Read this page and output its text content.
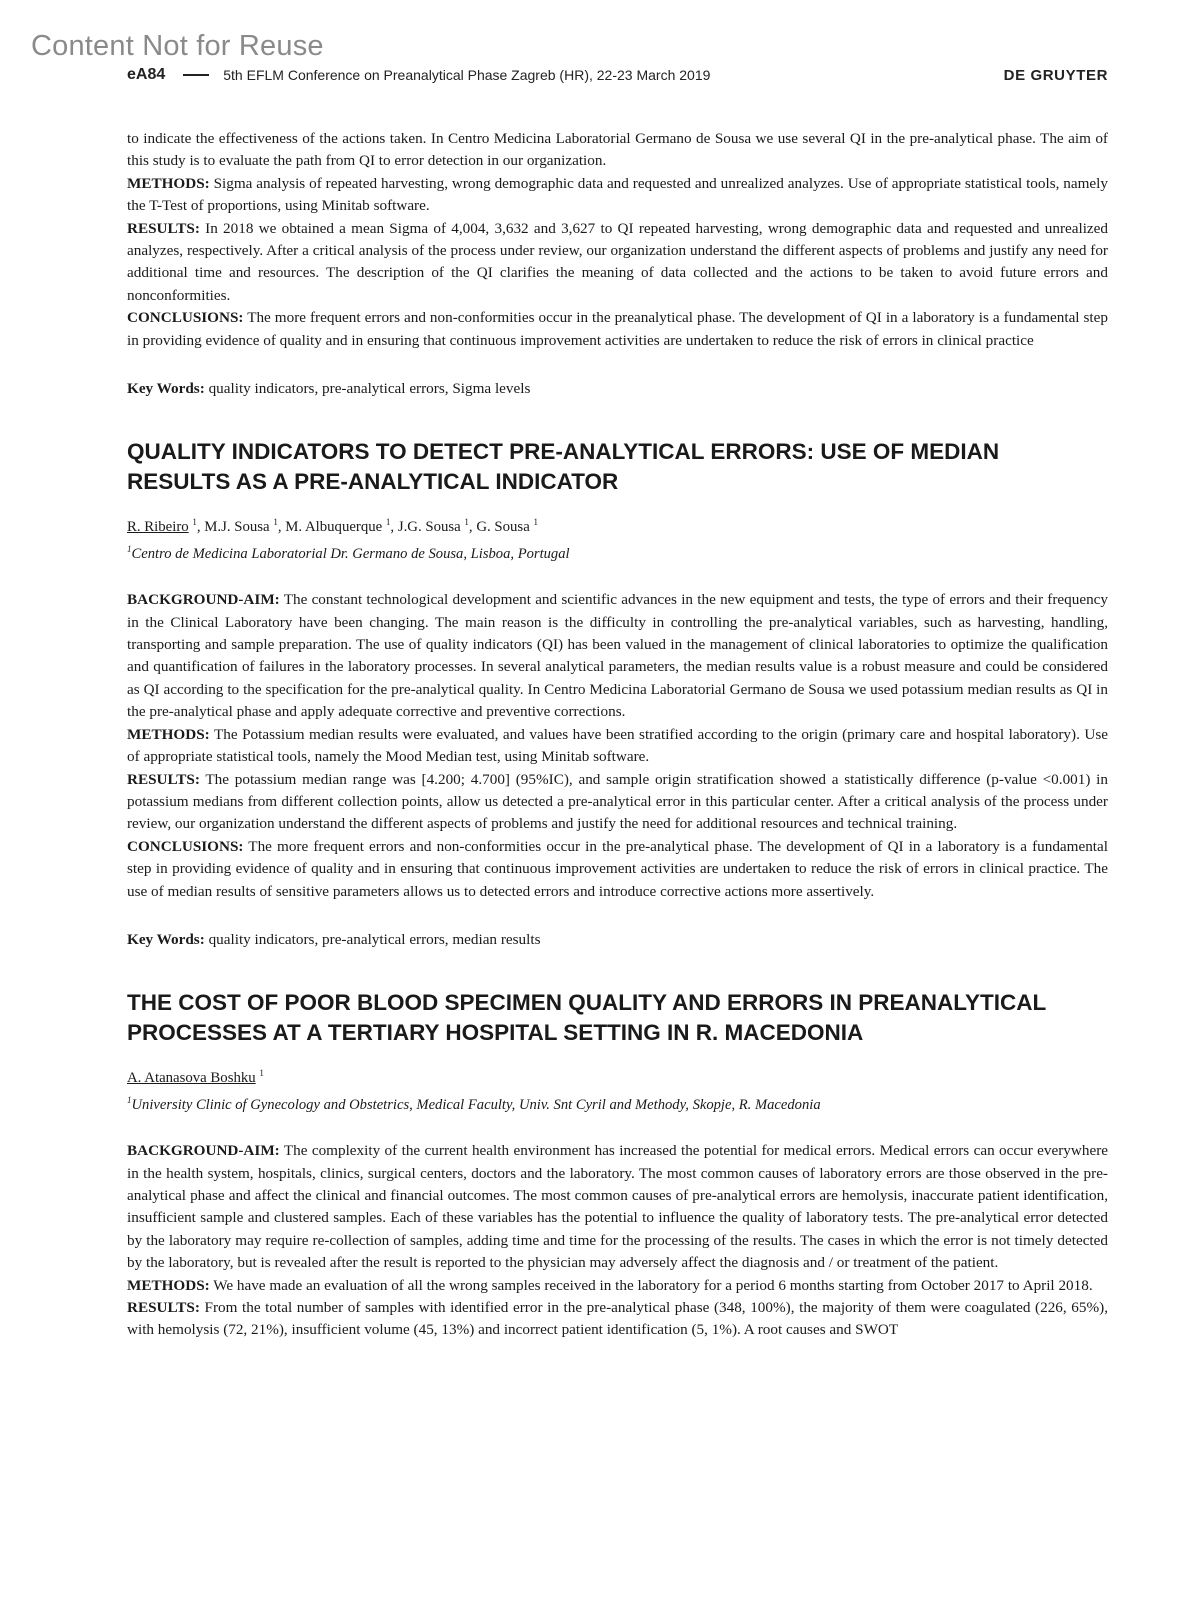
Content Not for Reuse
eA84	5th EFLM Conference on Preanalytical Phase Zagreb (HR), 22-23 March 2019	DE GRUYTER

to indicate the effectiveness of the actions taken. In Centro Medicina Laboratorial Germano de Sousa we use several QI in the pre-analytical phase. The aim of this study is to evaluate the path from QI to error detection in our organization.

METHODS: Sigma analysis of repeated harvesting, wrong demographic data and requested and unrealized analyzes. Use of appropriate statistical tools, namely the T-Test of proportions, using Minitab software.

RESULTS: In 2018 we obtained a mean Sigma of 4,004, 3,632 and 3,627 to QI repeated harvesting, wrong demographic data and requested and unrealized analyzes, respectively. After a critical analysis of the process under review, our organization understand the different aspects of problems and justify any need for additional time and resources. The description of the QI clarifies the meaning of data collected and the actions to be taken to avoid future errors and nonconformities.

CONCLUSIONS: The more frequent errors and non-conformities occur in the preanalytical phase. The development of QI in a laboratory is a fundamental step in providing evidence of quality and in ensuring that continuous improvement activities are undertaken to reduce the risk of errors in clinical practice

Key Words: quality indicators, pre-analytical errors, Sigma levels

QUALITY INDICATORS TO DETECT PRE-ANALYTICAL ERRORS: USE OF MEDIAN RESULTS AS A PRE-ANALYTICAL INDICATOR
R. Ribeiro $^1$, M.J. Sousa $^1$, M. Albuquerque $^1$, J.G. Sousa $^1$, G. Sousa $^1$
$^1$Centro de Medicina Laboratorial Dr. Germano de Sousa, Lisboa, Portugal

BACKGROUND-AIM: The constant technological development and scientific advances in the new equipment and tests, the type of errors and their frequency in the Clinical Laboratory have been changing. The main reason is the difficulty in controlling the pre-analytical variables, such as harvesting, handling, transporting and sample preparation. The use of quality indicators (QI) has been valued in the management of clinical laboratories to optimize the qualification and quantification of failures in the laboratory processes. In several analytical parameters, the median results value is a robust measure and could be considered as QI according to the specification for the pre-analytical quality. In Centro Medicina Laboratorial Germano de Sousa we used potassium median results as QI in the pre-analytical phase and apply adequate corrective and preventive corrections.

METHODS: The Potassium median results were evaluated, and values have been stratified according to the origin (primary care and hospital laboratory). Use of appropriate statistical tools, namely the Mood Median test, using Minitab software.

RESULTS: The potassium median range was [4.200; 4.700] (95%IC), and sample origin stratification showed a statistically difference (p-value <0.001) in potassium medians from different collection points, allow us detected a pre-analytical error in this particular center. After a critical analysis of the process under review, our organization understand the different aspects of problems and justify the need for additional resources and technical training.

CONCLUSIONS: The more frequent errors and non-conformities occur in the pre-analytical phase. The development of QI in a laboratory is a fundamental step in providing evidence of quality and in ensuring that continuous improvement activities are undertaken to reduce the risk of errors in clinical practice. The use of median results of sensitive parameters allows us to detected errors and introduce corrective actions more assertively.

Key Words: quality indicators, pre-analytical errors, median results

THE COST OF POOR BLOOD SPECIMEN QUALITY AND ERRORS IN PREANALYTICAL PROCESSES AT A TERTIARY HOSPITAL SETTING IN R. MACEDONIA
A. Atanasova Boshku $^1$
$^1$University Clinic of Gynecology and Obstetrics, Medical Faculty, Univ. Snt Cyril and Methody, Skopje, R. Macedonia

BACKGROUND-AIM: The complexity of the current health environment has increased the potential for medical errors. Medical errors can occur everywhere in the health system, hospitals, clinics, surgical centers, doctors and the laboratory. The most common causes of laboratory errors are those observed in the pre-analytical phase and affect the clinical and financial outcomes. The most common causes of pre-analytical errors are hemolysis, inaccurate patient identification, insufficient sample and clustered samples. Each of these variables has the potential to influence the quality of laboratory tests. The pre-analytical error detected by the laboratory may require re-collection of samples, adding time and time for the processing of the results. The cases in which the error is not timely detected by the laboratory, but is revealed after the result is reported to the physician may adversely affect the diagnosis and / or treatment of the patient.

METHODS: We have made an evaluation of all the wrong samples received in the laboratory for a period 6 months starting from October 2017 to April 2018.

RESULTS: From the total number of samples with identified error in the pre-analytical phase (348, 100%), the majority of them were coagulated (226, 65%), with hemolysis (72, 21%), insufficient volume (45, 13%) and incorrect patient identification (5, 1%). A root causes and SWOT
